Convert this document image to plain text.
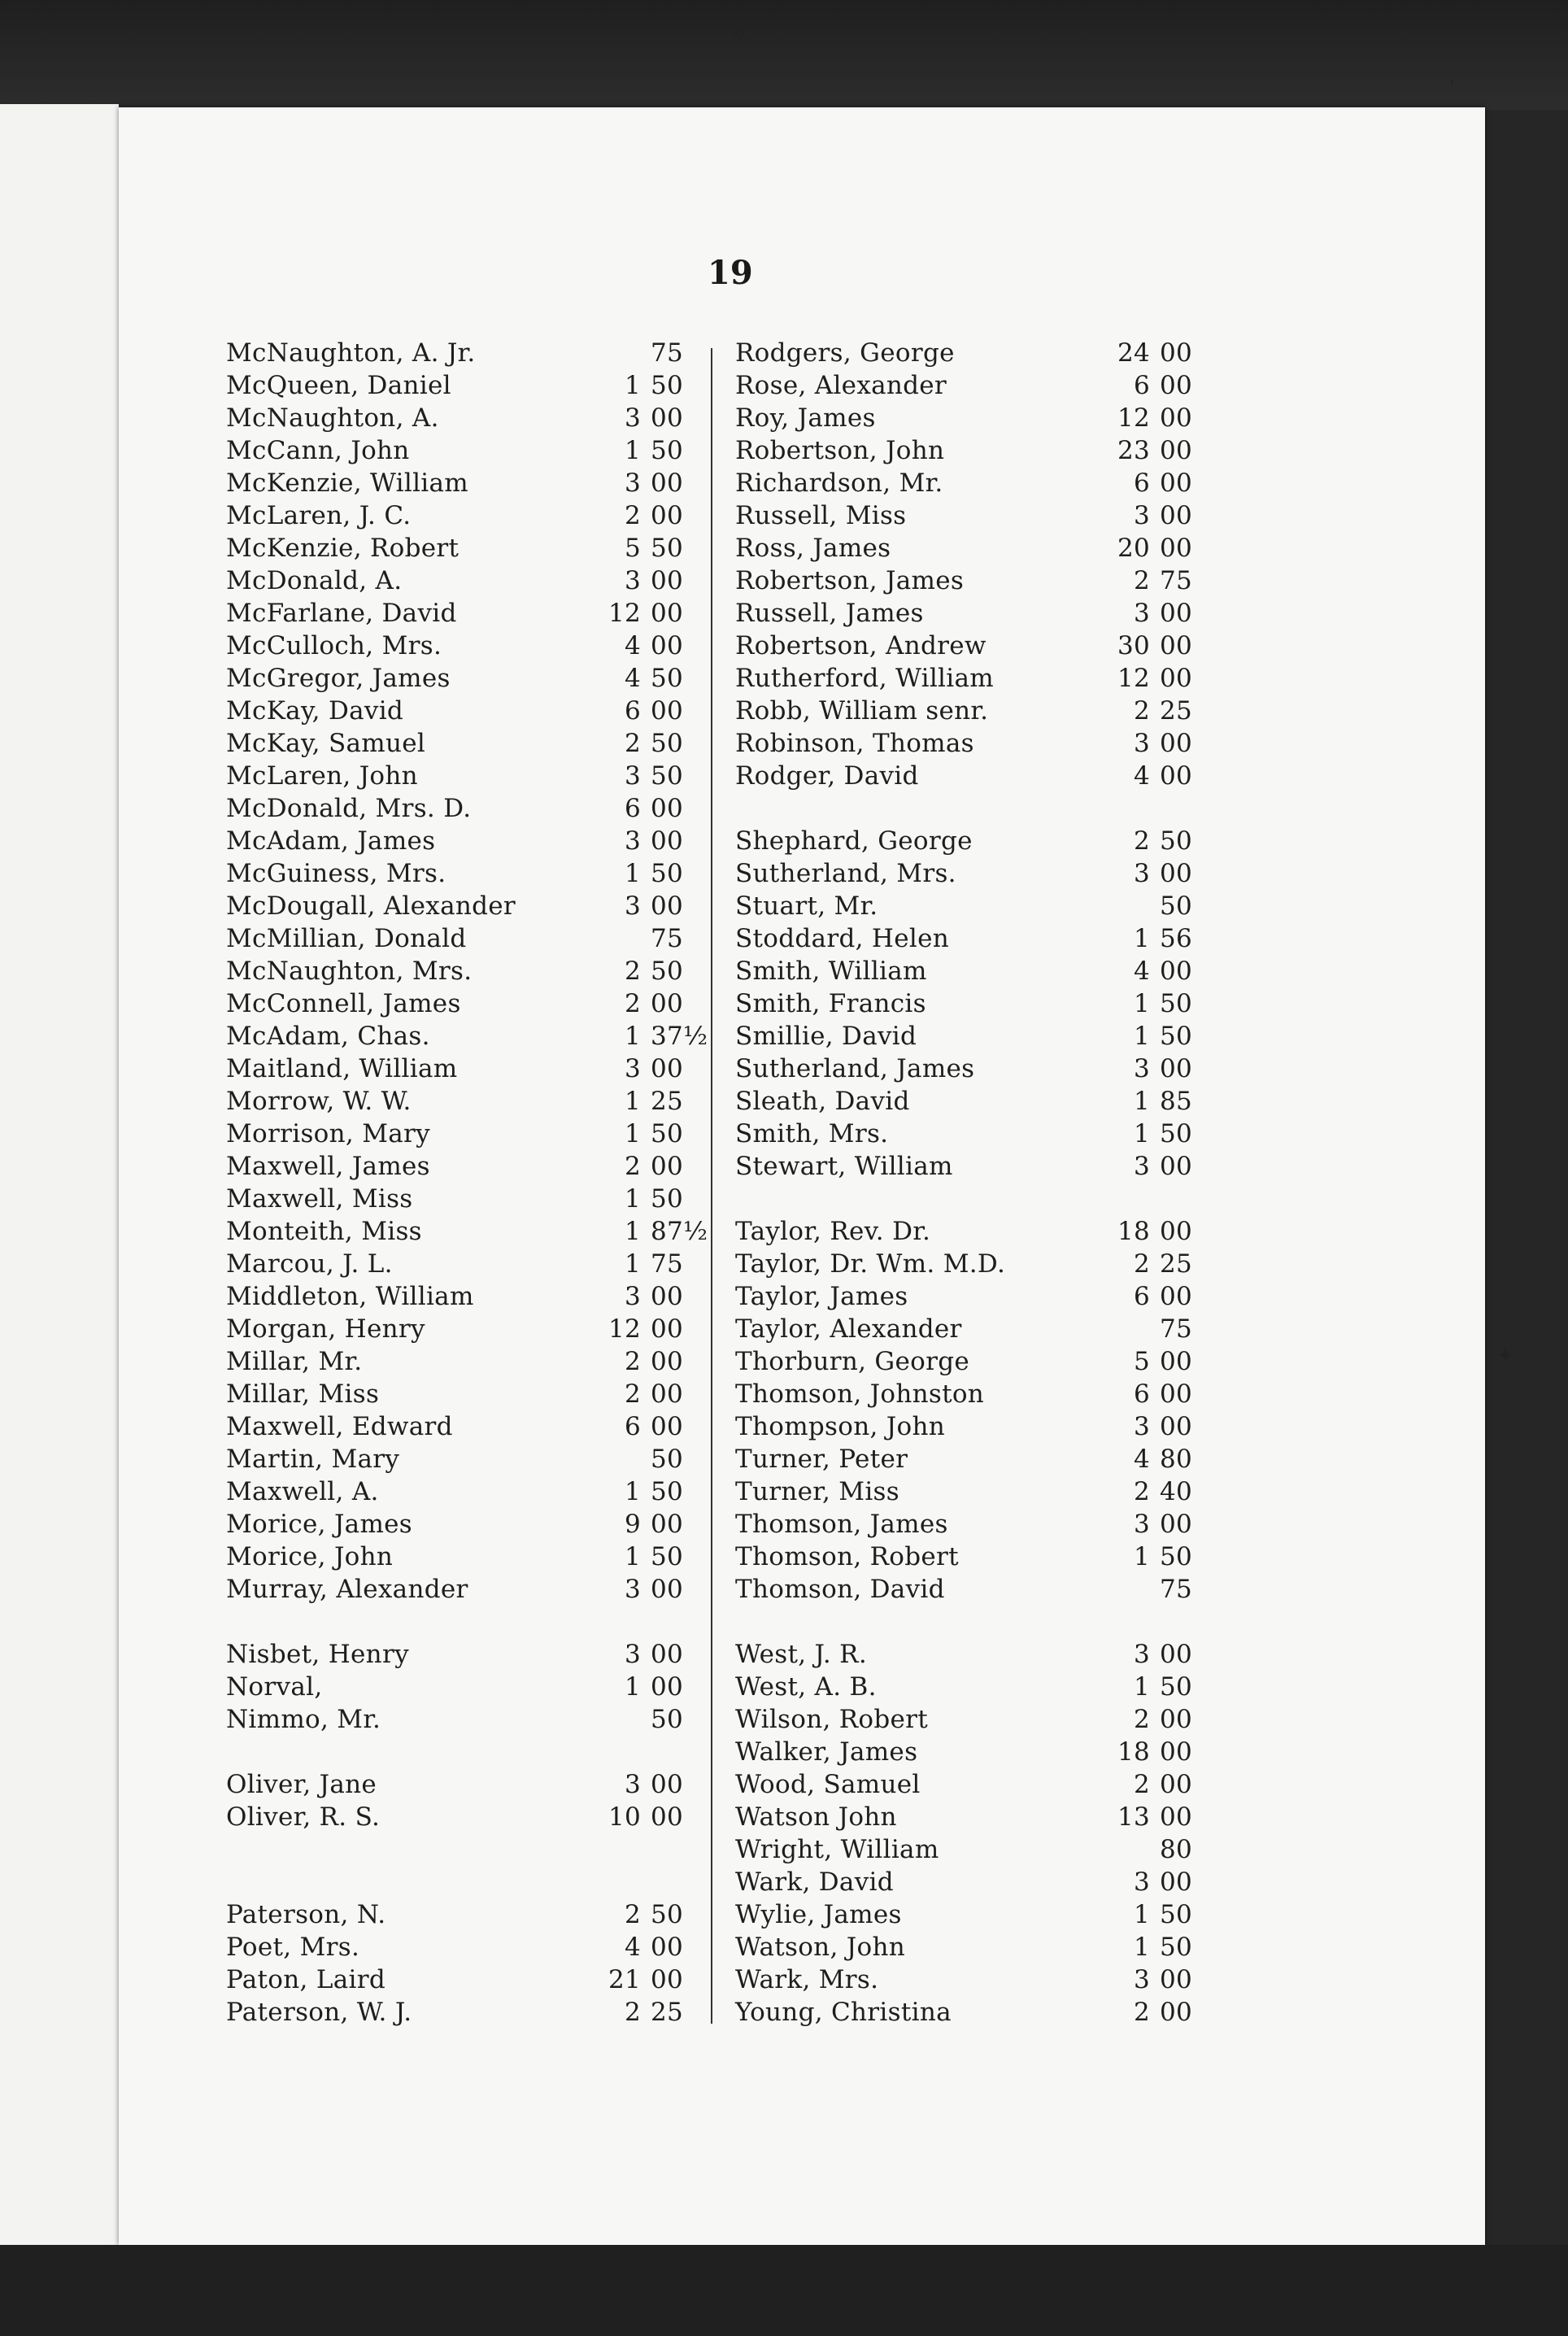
✲
ʼ
✦
19
McNaughton, A. Jr.	75
McQueen, Daniel	1 50
McNaughton, A.	3 00
McCann, John	1 50
McKenzie, William	3 00
McLaren, J. C.	2 00
McKenzie, Robert	5 50
McDonald, A.	3 00
McFarlane, David	12 00
McCulloch, Mrs.	4 00
McGregor, James	4 50
McKay, David	6 00
McKay, Samuel	2 50
McLaren, John	3 50
McDonald, Mrs. D.	6 00
McAdam, James	3 00
McGuiness, Mrs.	1 50
McDougall, Alexander	3 00
McMillian, Donald	75
McNaughton, Mrs.	2 50
McConnell, James	2 00
McAdam, Chas.	1 37½
Maitland, William	3 00
Morrow, W. W.	1 25
Morrison, Mary	1 50
Maxwell, James	2 00
Maxwell, Miss	1 50
Monteith, Miss	1 87½
Marcou, J. L.	1 75
Middleton, William	3 00
Morgan, Henry	12 00
Millar, Mr.	2 00
Millar, Miss	2 00
Maxwell, Edward	6 00
Martin, Mary	50
Maxwell, A.	1 50
Morice, James	9 00
Morice, John	1 50
Murray, Alexander	3 00
Nisbet, Henry	3 00
Norval,	1 00
Nimmo, Mr.	50
Oliver, Jane	3 00
Oliver, R. S.	10 00
Paterson, N.	2 50
Poet, Mrs.	4 00
Paton, Laird	21 00
Paterson, W. J.	2 25
Rodgers, George	24 00
Rose, Alexander	6 00
Roy, James	12 00
Robertson, John	23 00
Richardson, Mr.	6 00
Russell, Miss	3 00
Ross, James	20 00
Robertson, James	2 75
Russell, James	3 00
Robertson, Andrew	30 00
Rutherford, William	12 00
Robb, William senr.	2 25
Robinson, Thomas	3 00
Rodger, David	4 00
Shephard, George	2 50
Sutherland, Mrs.	3 00
Stuart, Mr.	50
Stoddard, Helen	1 56
Smith, William	4 00
Smith, Francis	1 50
Smillie, David	1 50
Sutherland, James	3 00
Sleath, David	1 85
Smith, Mrs.	1 50
Stewart, William	3 00
Taylor, Rev. Dr.	18 00
Taylor, Dr. Wm. M.D.	2 25
Taylor, James	6 00
Taylor, Alexander	75
Thorburn, George	5 00
Thomson, Johnston	6 00
Thompson, John	3 00
Turner, Peter	4 80
Turner, Miss	2 40
Thomson, James	3 00
Thomson, Robert	1 50
Thomson, David	75
West, J. R.	3 00
West, A. B.	1 50
Wilson, Robert	2 00
Walker, James	18 00
Wood, Samuel	2 00
Watson John	13 00
Wright, William	80
Wark, David	3 00
Wylie, James	1 50
Watson, John	1 50
Wark, Mrs.	3 00
Young, Christina	2 00
